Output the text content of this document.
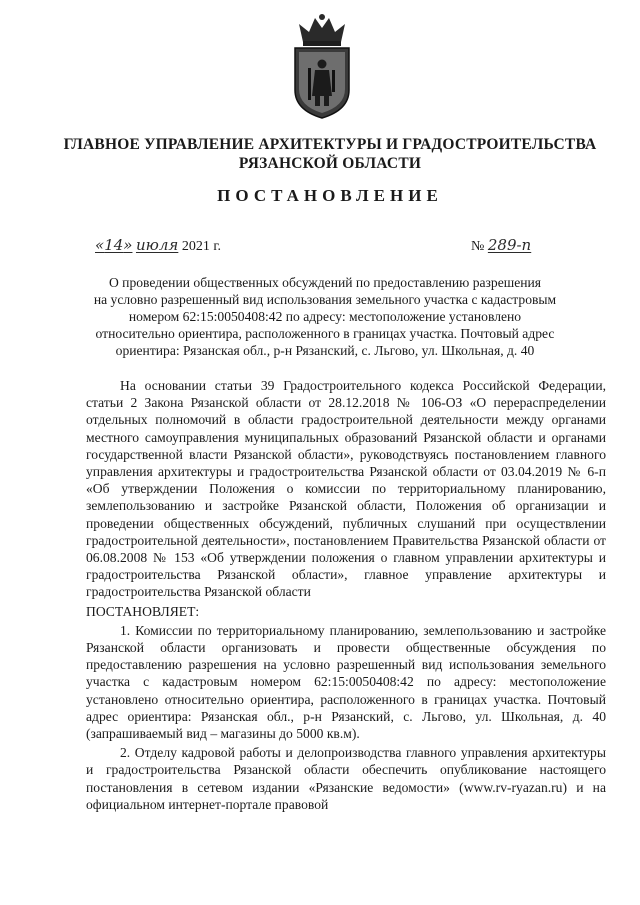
ГЛАВНОЕ УПРАВЛЕНИЕ АРХИТЕКТУРЫ И ГРАДОСТРОИТЕЛЬСТВА
РЯЗАНСКОЙ ОБЛАСТИ
ПОСТАНОВЛЕНИЕ
«14» июля 2021 г.	№ 289-п
О проведении общественных обсуждений по предоставлению разрешения
на условно разрешенный вид использования земельного участка с кадастровым
номером 62:15:0050408:42 по адресу: местоположение установлено
относительно ориентира, расположенного в границах участка. Почтовый адрес
ориентира: Рязанская обл., р-н Рязанский, с. Льгово, ул. Школьная, д. 40

На основании статьи 39 Градостроительного кодекса Российской Федерации, статьи 2 Закона Рязанской области от 28.12.2018 № 106-ОЗ «О перераспределении отдельных полномочий в области градостроительной деятельности между органами местного самоуправления муниципальных образований Рязанской области и органами государственной власти Рязанской области», руководствуясь постановлением главного управления архитектуры и градостроительства Рязанской области от 03.04.2019 № 6-п «Об утверждении Положения о комиссии по территориальному планированию, землепользованию и застройке Рязанской области, Положения об организации и проведении общественных обсуждений, публичных слушаний при осуществлении градостроительной деятельности», постановлением Правительства Рязанской области от 06.08.2008 № 153 «Об утверждении положения о главном управлении архитектуры и градостроительства Рязанской области», главное управление архитектуры и градостроительства Рязанской области

ПОСТАНОВЛЯЕТ:

1. Комиссии по территориальному планированию, землепользованию и застройке Рязанской области организовать и провести общественные обсуждения по предоставлению разрешения на условно разрешенный вид использования земельного участка с кадастровым номером 62:15:0050408:42 по адресу: местоположение установлено относительно ориентира, расположенного в границах участка. Почтовый адрес ориентира: Рязанская обл., р-н Рязанский, с. Льгово, ул. Школьная, д. 40 (запрашиваемый вид – магазины до 5000 кв.м).

2. Отделу кадровой работы и делопроизводства главного управления архитектуры и градостроительства Рязанской области обеспечить опубликование настоящего постановления в сетевом издании «Рязанские ведомости» (www.rv-ryazan.ru) и на официальном интернет-портале правовой
